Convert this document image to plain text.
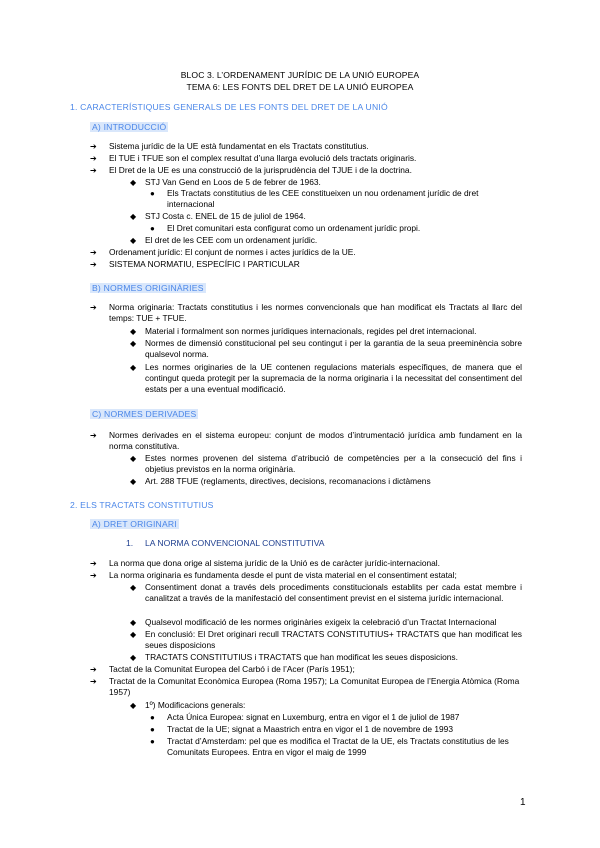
BLOC 3. L’ORDENAMENT JURÍDIC DE LA UNIÓ EUROPEA
TEMA 6: LES FONTS DEL DRET DE LA UNIÓ EUROPEA
1. CARACTERÍSTIQUES GENERALS DE LES FONTS DEL DRET DE LA UNIÓ
A) INTRODUCCIÓ
➔ Sistema jurídic de la UE està fundamentat en els Tractats constitutius.
➔ El TUE i TFUE son el complex resultat d’una llarga evolució dels tractats originaris.
➔ El Dret de la UE es una construcció de la jurisprudència del TJUE i de la doctrina.
◆ STJ Van Gend en Loos de 5 de febrer de 1963.
● Els Tractats constitutius de les CEE constitueixen un nou ordenament jurídic de dret internacional
◆ STJ Costa c. ENEL de 15 de juliol de 1964.
● El Dret comunitari esta configurat como un ordenament jurídic propi.
◆ El dret de les CEE com un ordenament jurídic.
➔ Ordenament jurídic: El conjunt de normes i actes jurídics de la UE.
➔ SISTEMA NORMATIU, ESPECÍFIC I PARTICULAR
B) NORMES ORIGINÀRIES
➔ Norma originaria: Tractats constitutius i les normes convencionals que han modificat els Tractats al llarc del temps: TUE + TFUE.
◆ Material i formalment son normes jurídiques internacionals, regides pel dret internacional.
◆ Normes de dimensió constitucional pel seu contingut i per la garantia de la seua preeminència sobre qualsevol norma.
◆ Les normes originaries de la UE contenen regulacions materials específiques, de manera que el contingut queda protegit per la supremacia de la norma originaria i la necessitat del consentiment del estats per a una eventual modificació.
C) NORMES DERIVADES
➔ Normes derivades en el sistema europeu: conjunt de modos d’intrumentació jurídica amb fundament en la norma constitutiva.
◆ Estes normes provenen del sistema d’atribució de competències per a la consecució del fins i objetius previstos en la norma originària.
◆ Art. 288 TFUE (reglaments, directives, decisions, recomanacions i dictàmens
2. ELS TRACTATS CONSTITUTIUS
A) DRET ORIGINARI
1. LA NORMA CONVENCIONAL CONSTITUTIVA
➔ La norma que dona orige al sistema jurídic de la Unió es de caràcter jurídic-internacional.
➔ La norma originaria es fundamenta desde el punt de vista material en el consentiment estatal;
◆ Consentiment donat a través dels procediments constitucionals establits per cada estat membre i canalitzat a través de la manifestació del consentiment previst en el sistema jurídic internacional.
◆ Qualsevol modificació de les normes originàries exigeix la celebració d’un Tractat Internacional
◆ En conclusió: El Dret originari recull TRACTATS CONSTITUTIUS+ TRACTATS que han modificat les seues disposicions
◆ TRACTATS CONSTITUTIUS i TRACTATS que han modificat les seues disposicions.
➔ Tactat de la Comunitat Europea del Carbó i de l’Acer (París 1951);
➔ Tractat de la Comunitat Econòmica Europea (Roma 1957); La Comunitat Europea de l’Energia Atòmica (Roma 1957)
◆ 1º) Modificacions generals:
● Acta Única Europea: signat en Luxemburg, entra en vigor el 1 de juliol de 1987
● Tractat de la UE; signat a Maastrich entra en vigor el 1 de novembre de 1993
● Tractat d’Amsterdam: pel que es modifica el Tractat de la UE, els Tractats constitutius de les Comunitats Europees. Entra en vigor el maig de 1999
1
